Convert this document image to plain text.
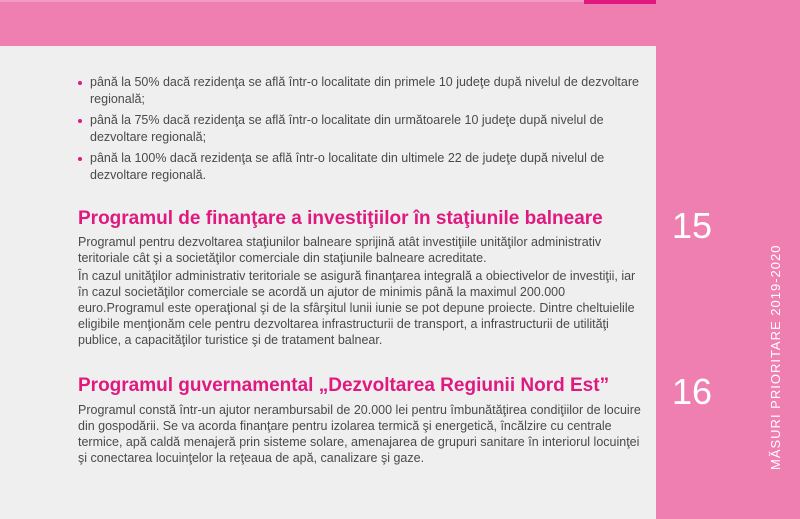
până la 50% dacă rezidenţa se află într-o localitate din primele 10 judeţe după nivelul de dezvoltare regională;
până la 75% dacă rezidenţa se află într-o localitate din următoarele 10 judeţe după nivelul de dezvoltare regională;
până la 100% dacă rezidenţa se află într-o localitate din ultimele 22 de judeţe după nivelul de dezvoltare regională.
Programul de finanţare a investiţiilor în staţiunile balneare

Programul pentru dezvoltarea staţiunilor balneare sprijină atât investiţiile unităţilor administrativ teritoriale cât şi a societăţilor comerciale din staţiunile balneare acreditate.

În cazul unităţilor administrativ teritoriale se asigură finanţarea integrală a obiectivelor de investiţii, iar în cazul societăţilor comerciale se acordă un ajutor de minimis până la maximul 200.000 euro.Programul este operaţional şi de la sfârşitul lunii iunie se pot depune proiecte. Dintre cheltuielile eligibile menţionăm cele pentru dezvoltarea infrastructurii de transport, a infrastructurii de utilităţi publice, a capacităţilor turistice şi de tratament balnear.

15
Programul guvernamental „Dezvoltarea Regiunii Nord Est”

Programul constă într-un ajutor nerambursabil de 20.000 lei pentru îmbunătăţirea condiţiilor de locuire din gospodării. Se va acorda finanţare pentru izolarea termică şi energetică, încălzire cu centrale termice, apă caldă menajeră prin sisteme solare, amenajarea de grupuri sanitare în interiorul locuinţei şi conectarea locuinţelor la reţeaua de apă, canalizare şi gaze.

16	MĂSURI PRIORITARE 2019-2020
